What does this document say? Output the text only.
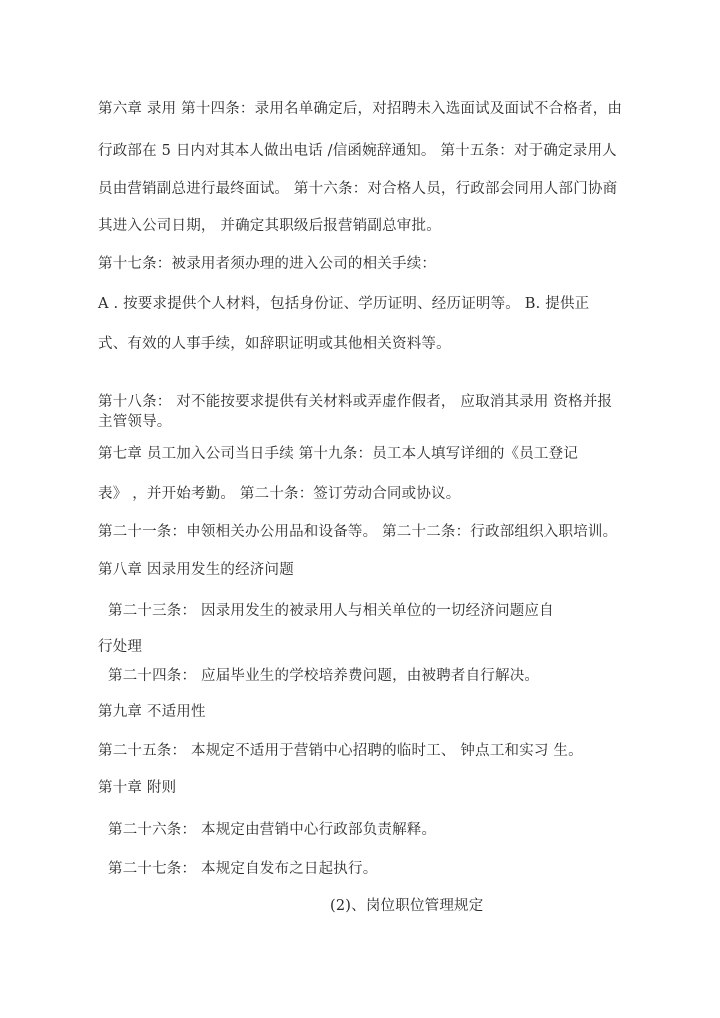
第六章 录用 第十四条：录用名单确定后，对招聘未入选面试及面试不合格者，由
行政部在 5 日内对其本人做出电话 /信函婉辞通知。 第十五条：对于确定录用人
员由营销副总进行最终面试。 第十六条：对合格人员，行政部会同用人部门协商
其进入公司日期， 并确定其职级后报营销副总审批。
第十七条：被录用者须办理的进入公司的相关手续：
A . 按要求提供个人材料，包括身份证、学历证明、经历证明等。 B. 提供正
式、有效的人事手续，如辞职证明或其他相关资料等。
第十八条： 对不能按要求提供有关材料或弄虚作假者， 应取消其录用 资格并报主管领导。
第七章 员工加入公司当日手续 第十九条：员工本人填写详细的《员工登记
表》 ，并开始考勤。 第二十条：签订劳动合同或协议。
第二十一条：申领相关办公用品和设备等。 第二十二条：行政部组织入职培训。
第八章 因录用发生的经济问题
第二十三条： 因录用发生的被录用人与相关单位的一切经济问题应自
行处理
第二十四条： 应届毕业生的学校培养费问题，由被聘者自行解决。
第九章 不适用性
第二十五条： 本规定不适用于营销中心招聘的临时工、 钟点工和实习 生。
第十章 附则
第二十六条： 本规定由营销中心行政部负责解释。
第二十七条： 本规定自发布之日起执行。
(2)、岗位职位管理规定
